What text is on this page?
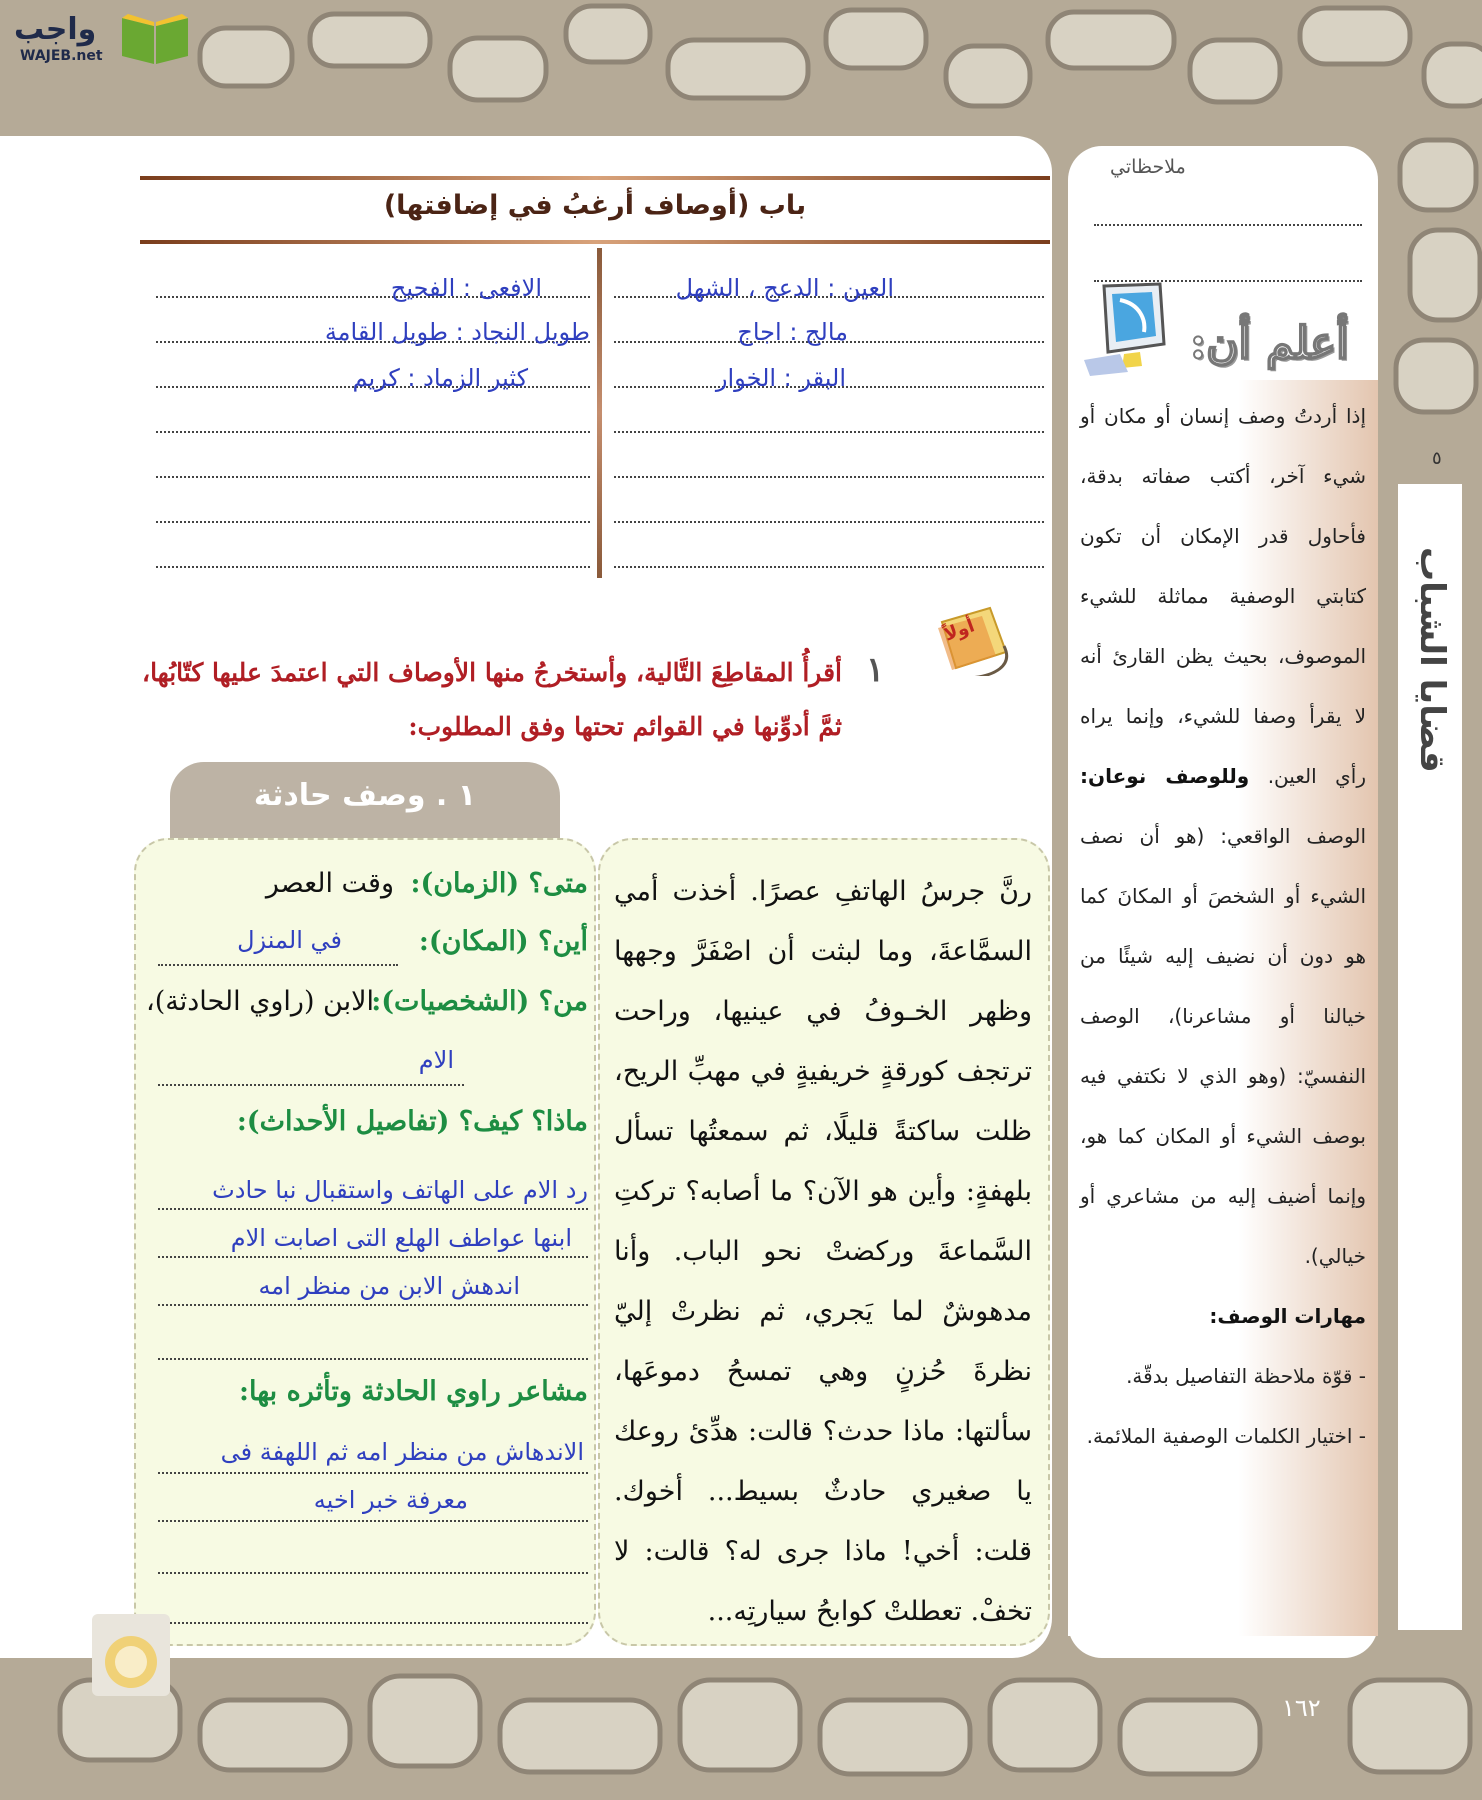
واجب
WAJEB.net
باب (أوصاف أرغبُ في إضافتها)
العين : الدعج ، الشهل
مالج : اجاج
البقر : الخوار
الافعى : الفحيح
طويل النجاد : طويل القامة
كثير الزماد : كريم
أولاً
١
أقرأُ المقاطِعَ التَّالية، وأستخرجُ منها الأوصاف التي اعتمدَ عليها كتّابُها، ثمَّ أدوِّنها في القوائم تحتها وفق المطلوب:
١ . وصف حادثة
رنَّ جرسُ الهاتفِ عصرًا. أخذت أمي السمَّاعةَ، وما لبثت أن اصْفَرَّ وجهها وظهر الخـوفُ في عينيها، وراحت ترتجف كورقةٍ خريفيةٍ في مهبِّ الريح، ظلت ساكتةً قليلًا، ثم سمعتُها تسأل بلهفةٍ: وأين هو الآن؟ ما أصابه؟ تركتِ السَّماعةَ وركضتْ نحو الباب. وأنا مدهوشٌ لما يَجري، ثم نظرتْ إليّ نظرةَ حُزنٍ وهي تمسحُ دموعَها، سألتها: ماذا حدث؟ قالت: هدِّئ روعك يا صغيري حادثٌ بسيط... أخوك. قلت: أخي! ماذا جرى له؟ قالت: لا تخفْ. تعطلتْ كوابحُ سيارتِه...
متى؟ (الزمان):
وقت العصر
أين؟ (المكان):
في المنزل
من؟ (الشخصيات):
الابن (راوي الحادثة)،
الام
ماذا؟ كيف؟ (تفاصيل الأحداث):
رد الام على الهاتف واستقبال نبا حادث
ابنها عواطف الهلع التى اصابت الام
اندهش الابن من منظر امه
مشاعر راوي الحادثة وتأثره بها:
الاندهاش من منظر امه ثم اللهفة فى
معرفة خبر اخيه
٥
قضايا الشباب
ملاحظاتي
أعلم أن:
إذا أردتُ وصف إنسان أو مكان أو شيء آخر، أكتب صفاته بدقة، فأحاول قدر الإمكان أن تكون كتابتي الوصفية مماثلة للشيء الموصوف، بحيث يظن القارئ أنه لا يقرأ وصفا للشيء، وإنما يراه رأي العين. وللوصف نوعان: الوصف الواقعي: (هو أن نصف الشيء أو الشخصَ أو المكانَ كما هو دون أن نضيف إليه شيئًا من خيالنا أو مشاعرنا)، الوصف النفسيّ: (وهو الذي لا نكتفي فيه بوصف الشيء أو المكان كما هو، وإنما أضيف إليه من مشاعري أو خيالي).
مهارات الوصف:
- قوّة ملاحظة التفاصيل بدقّة.
- اختيار الكلمات الوصفية الملائمة.
١٦٢
